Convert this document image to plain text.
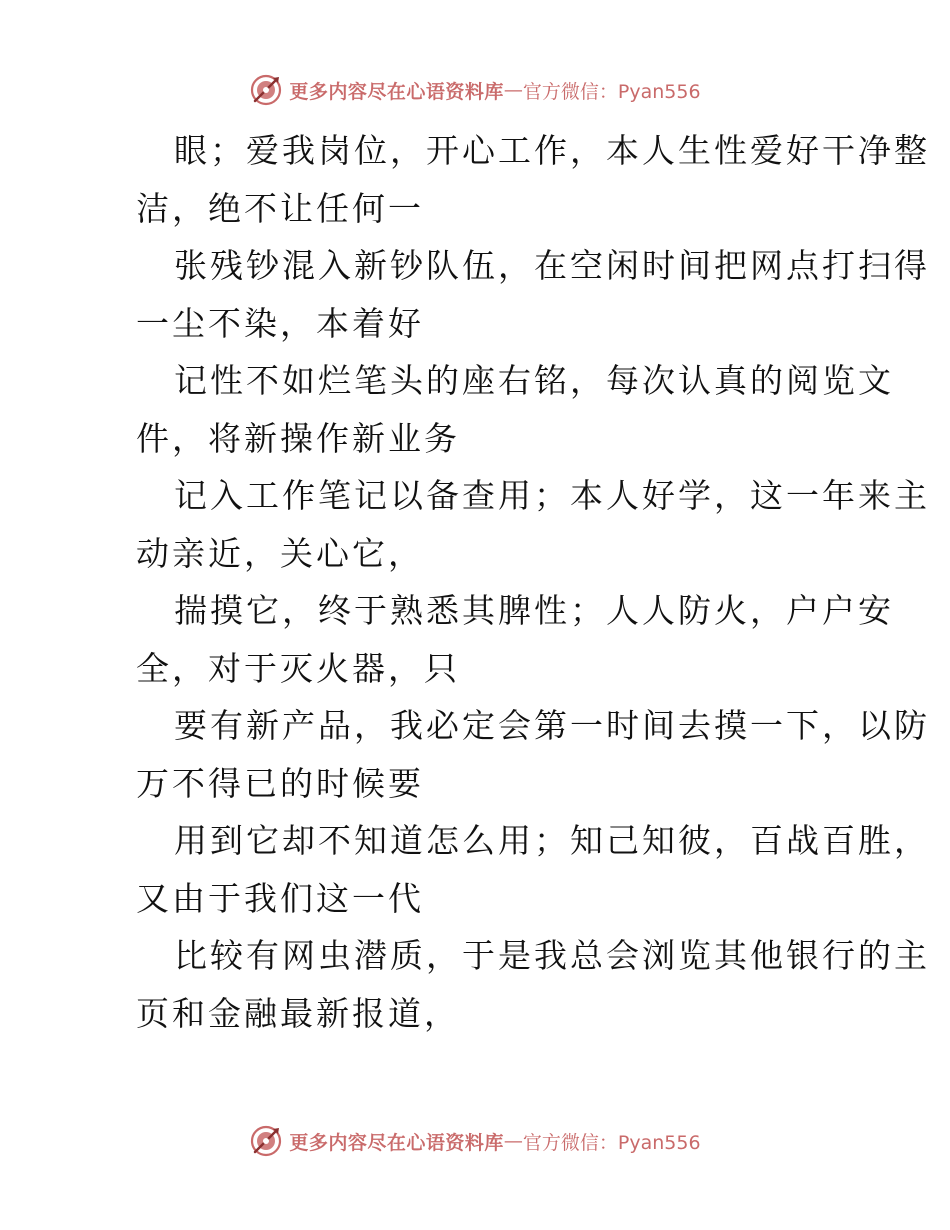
更多内容尽在心语资料库 — 官方微信：Pyan556
眼；爱我岗位，开心工作，本人生性爱好干净整
洁，绝不让任何一
张残钞混入新钞队伍，在空闲时间把网点打扫得
一尘不染，本着好
记性不如烂笔头的座右铭，每次认真的阅览文
件，将新操作新业务
记入工作笔记以备查用；本人好学，这一年来主
动亲近，关心它，
揣摸它，终于熟悉其脾性；人人防火，户户安
全，对于灭火器，只
要有新产品，我必定会第一时间去摸一下，以防
万不得已的时候要
用到它却不知道怎么用；知己知彼，百战百胜，
又由于我们这一代
比较有网虫潜质，于是我总会浏览其他银行的主
页和金融最新报道，
更多内容尽在心语资料库 — 官方微信：Pyan556
